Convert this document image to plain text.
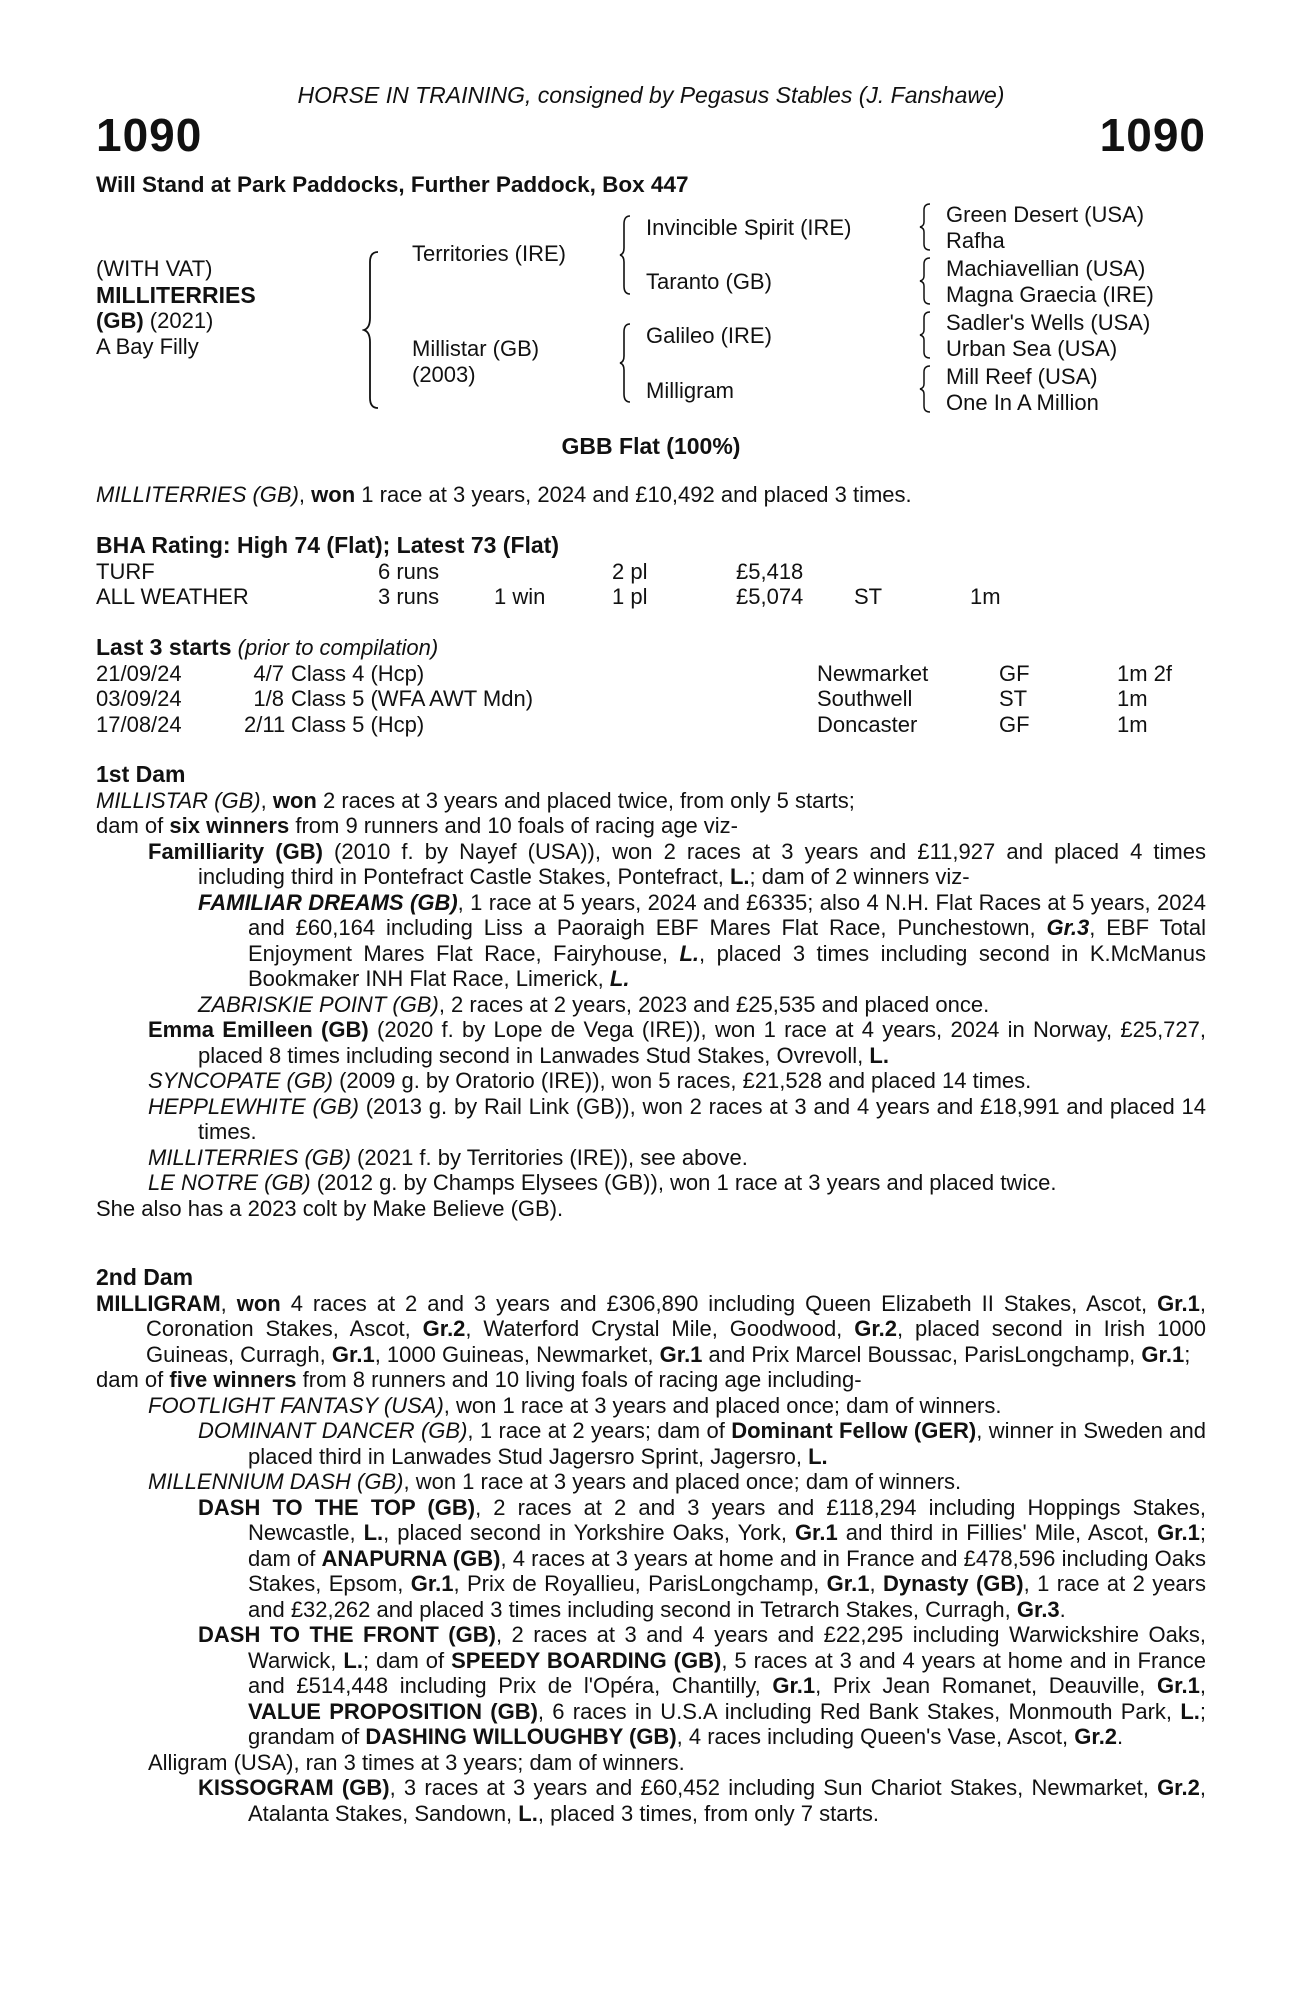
HORSE IN TRAINING, consigned by Pegasus Stables (J. Fanshawe)
1090	1090
Will Stand at Park Paddocks, Further Paddock, Box 447
(WITH VAT)
MILLITERRIES
(GB) (2021)
A Bay Filly
Territories (IRE)
Millistar (GB)
(2003)
Invincible Spirit (IRE)
Taranto (GB)
Galileo (IRE)
Milligram
Green Desert (USA)
Rafha
Machiavellian (USA)
Magna Graecia (IRE)
Sadler's Wells (USA)
Urban Sea (USA)
Mill Reef (USA)
One In A Million
GBB Flat (100%)
MILLITERRIES (GB), won 1 race at 3 years, 2024 and £10,492 and placed 3 times.
BHA Rating: High 74 (Flat); Latest 73 (Flat)
TURF	6 runs	2 pl	£5,418
ALL WEATHER	3 runs 1 win	1 pl	£5,074 ST	1m
Last 3 starts (prior to compilation)
21/09/24	4/7 Class 4 (Hcp)	Newmarket	GF	1m 2f
03/09/24	1/8 Class 5 (WFA AWT Mdn)	Southwell	ST	1m
17/08/24	2/11 Class 5 (Hcp)	Doncaster	GF	1m
1st Dam

MILLISTAR (GB), won 2 races at 3 years and placed twice, from only 5 starts;

dam of six winners from 9 runners and 10 foals of racing age viz-

Familliarity (GB) (2010 f. by Nayef (USA)), won 2 races at 3 years and £11,927 and placed 4 times including third in Pontefract Castle Stakes, Pontefract, L.; dam of 2 winners viz-

FAMILIAR DREAMS (GB), 1 race at 5 years, 2024 and £6335; also 4 N.H. Flat Races at 5 years, 2024 and £60,164 including Liss a Paoraigh EBF Mares Flat Race, Punchestown, Gr.3, EBF Total Enjoyment Mares Flat Race, Fairyhouse, L., placed 3 times including second in K.McManus Bookmaker INH Flat Race, Limerick, L.

ZABRISKIE POINT (GB), 2 races at 2 years, 2023 and £25,535 and placed once.

Emma Emilleen (GB) (2020 f. by Lope de Vega (IRE)), won 1 race at 4 years, 2024 in Norway, £25,727, placed 8 times including second in Lanwades Stud Stakes, Ovrevoll, L.

SYNCOPATE (GB) (2009 g. by Oratorio (IRE)), won 5 races, £21,528 and placed 14 times.

HEPPLEWHITE (GB) (2013 g. by Rail Link (GB)), won 2 races at 3 and 4 years and £18,991 and placed 14 times.

MILLITERRIES (GB) (2021 f. by Territories (IRE)), see above.

LE NOTRE (GB) (2012 g. by Champs Elysees (GB)), won 1 race at 3 years and placed twice.

She also has a 2023 colt by Make Believe (GB).

2nd Dam

MILLIGRAM, won 4 races at 2 and 3 years and £306,890 including Queen Elizabeth II Stakes, Ascot, Gr.1, Coronation Stakes, Ascot, Gr.2, Waterford Crystal Mile, Goodwood, Gr.2, placed second in Irish 1000 Guineas, Curragh, Gr.1, 1000 Guineas, Newmarket, Gr.1 and Prix Marcel Boussac, ParisLongchamp, Gr.1;

dam of five winners from 8 runners and 10 living foals of racing age including-

FOOTLIGHT FANTASY (USA), won 1 race at 3 years and placed once; dam of winners.

DOMINANT DANCER (GB), 1 race at 2 years; dam of Dominant Fellow (GER), winner in Sweden and placed third in Lanwades Stud Jagersro Sprint, Jagersro, L.

MILLENNIUM DASH (GB), won 1 race at 3 years and placed once; dam of winners.

DASH TO THE TOP (GB), 2 races at 2 and 3 years and £118,294 including Hoppings Stakes, Newcastle, L., placed second in Yorkshire Oaks, York, Gr.1 and third in Fillies' Mile, Ascot, Gr.1; dam of ANAPURNA (GB), 4 races at 3 years at home and in France and £478,596 including Oaks Stakes, Epsom, Gr.1, Prix de Royallieu, ParisLongchamp, Gr.1, Dynasty (GB), 1 race at 2 years and £32,262 and placed 3 times including second in Tetrarch Stakes, Curragh, Gr.3.

DASH TO THE FRONT (GB), 2 races at 3 and 4 years and £22,295 including Warwickshire Oaks, Warwick, L.; dam of SPEEDY BOARDING (GB), 5 races at 3 and 4 years at home and in France and £514,448 including Prix de l'Opéra, Chantilly, Gr.1, Prix Jean Romanet, Deauville, Gr.1, VALUE PROPOSITION (GB), 6 races in U.S.A including Red Bank Stakes, Monmouth Park, L.; grandam of DASHING WILLOUGHBY (GB), 4 races including Queen's Vase, Ascot, Gr.2.

Alligram (USA), ran 3 times at 3 years; dam of winners.

KISSOGRAM (GB), 3 races at 3 years and £60,452 including Sun Chariot Stakes, Newmarket, Gr.2, Atalanta Stakes, Sandown, L., placed 3 times, from only 7 starts.
